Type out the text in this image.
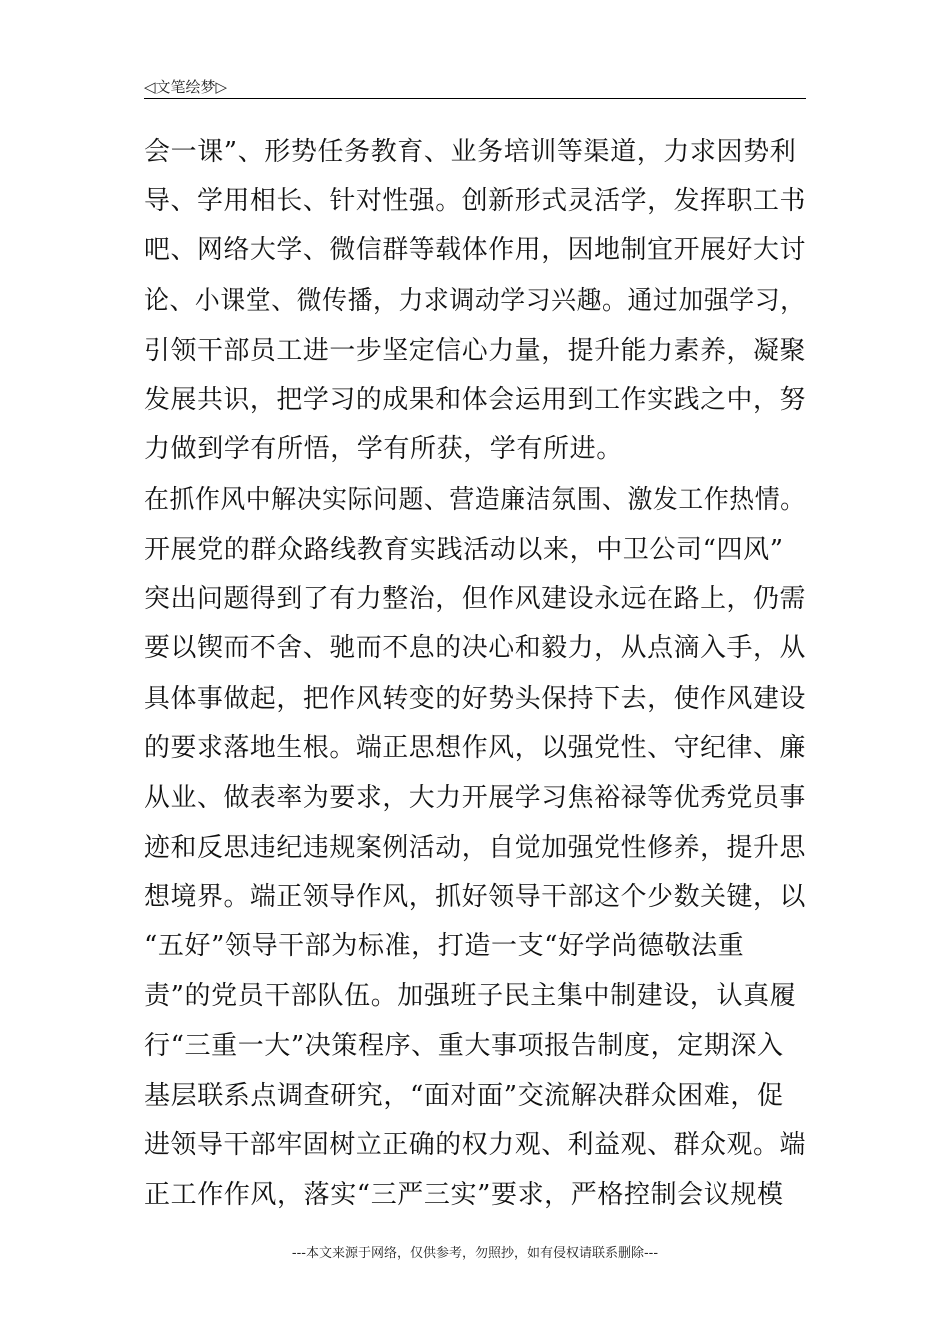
◁文笔绘梦▷
会一课”、形势任务教育、业务培训等渠道，力求因势利
导、学用相长、针对性强。创新形式灵活学，发挥职工书
吧、网络大学、微信群等载体作用，因地制宜开展好大讨
论、小课堂、微传播，力求调动学习兴趣。通过加强学习，
引领干部员工进一步坚定信心力量，提升能力素养，凝聚
发展共识，把学习的成果和体会运用到工作实践之中，努
力做到学有所悟，学有所获，学有所进。
在抓作风中解决实际问题、营造廉洁氛围、激发工作热情。
开展党的群众路线教育实践活动以来，中卫公司“四风”
突出问题得到了有力整治，但作风建设永远在路上，仍需
要以锲而不舍、驰而不息的决心和毅力，从点滴入手，从
具体事做起，把作风转变的好势头保持下去，使作风建设
的要求落地生根。端正思想作风，以强党性、守纪律、廉
从业、做表率为要求，大力开展学习焦裕禄等优秀党员事
迹和反思违纪违规案例活动，自觉加强党性修养，提升思
想境界。端正领导作风，抓好领导干部这个少数关键，以
“五好”领导干部为标准，打造一支“好学尚德敬法重
责”的党员干部队伍。加强班子民主集中制建设，认真履
行“三重一大”决策程序、重大事项报告制度，定期深入
基层联系点调查研究，“面对面”交流解决群众困难，促
进领导干部牢固树立正确的权力观、利益观、群众观。端
正工作作风，落实“三严三实”要求，严格控制会议规模
---本文来源于网络，仅供参考，勿照抄，如有侵权请联系删除---
